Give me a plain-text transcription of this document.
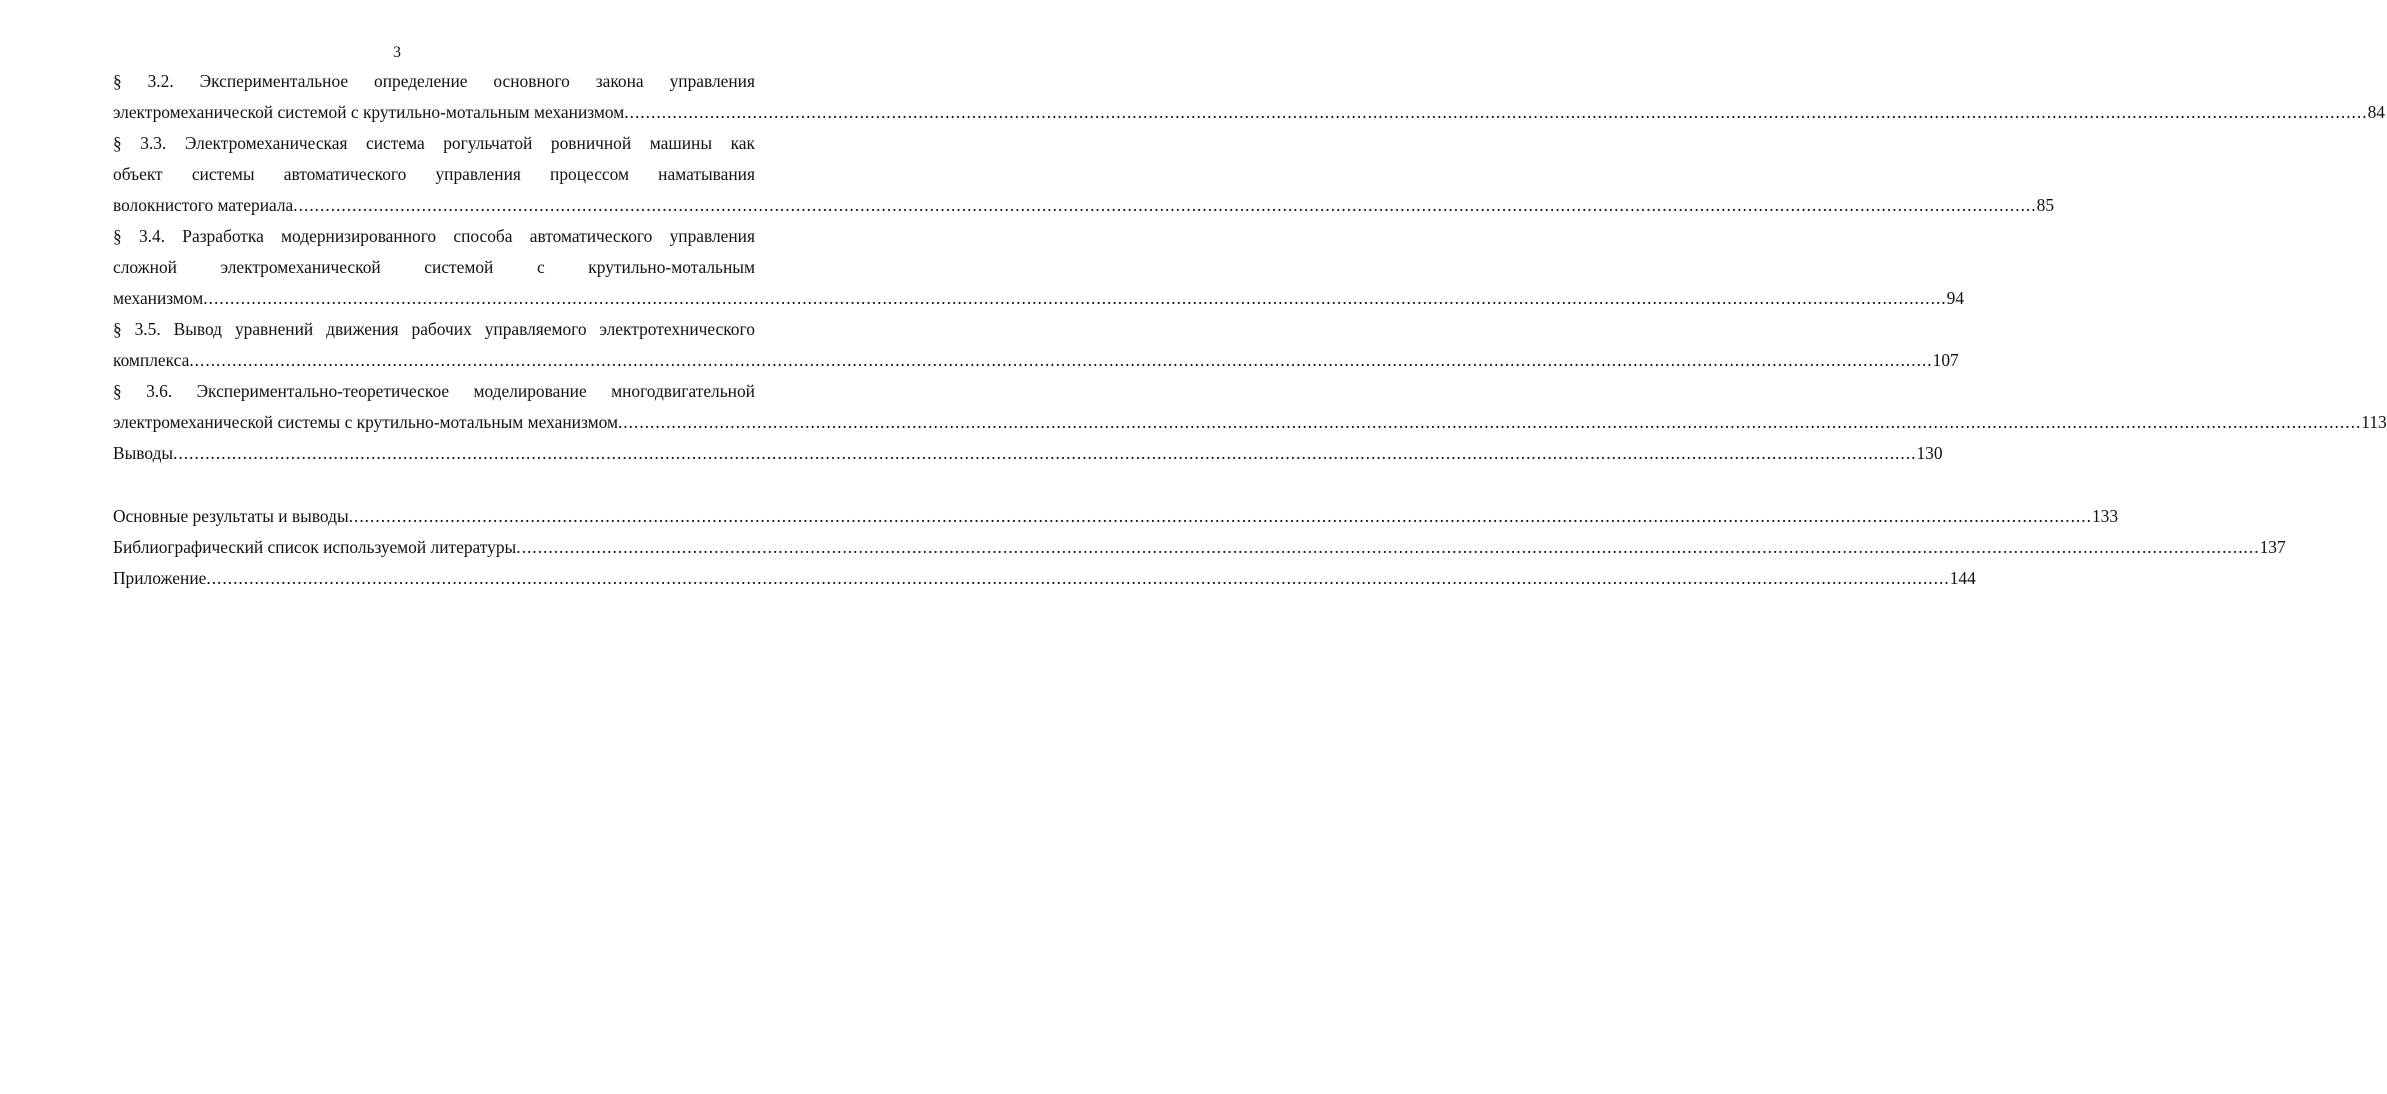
3
§ 3.2. Экспериментальное определение основного закона управления
электромеханической системой с крутильно-мотальным механизмом ...................................................................................................................................................................................................................................................................................................................................... 84
§ 3.3. Электромеханическая система рогульчатой ровничной машины как
объект системы автоматического управления процессом наматывания
волокнистого материала ...................................................................................................................................................................................................................................................................................................................................... 85
§ 3.4. Разработка модернизированного способа автоматического управления
сложной	электромеханической	системой	с	крутильно-мотальным
механизмом ...................................................................................................................................................................................................................................................................................................................................... 94
§ 3.5. Вывод уравнений движения рабочих управляемого электротехнического
комплекса ...................................................................................................................................................................................................................................................................................................................................... 107
§ 3.6. Экспериментально-теоретическое моделирование многодвигательной
электромеханической системы с крутильно-мотальным механизмом ...................................................................................................................................................................................................................................................................................................................................... 113
Выводы ...................................................................................................................................................................................................................................................................................................................................... 130
Основные результаты и выводы ...................................................................................................................................................................................................................................................................................................................................... 133
Библиографический список используемой литературы ...................................................................................................................................................................................................................................................................................................................................... 137
Приложение ...................................................................................................................................................................................................................................................................................................................................... 144
